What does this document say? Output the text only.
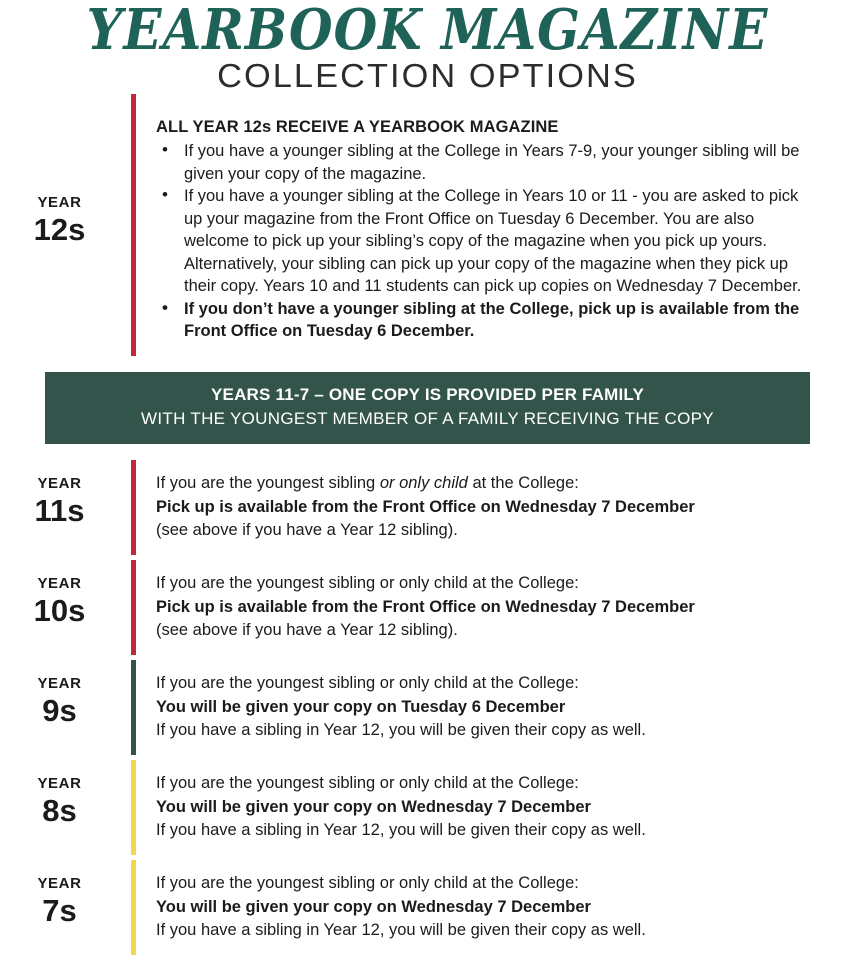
YEARBOOK MAGAZINE
COLLECTION OPTIONS
YEAR
12s
ALL YEAR 12s RECEIVE A YEARBOOK MAGAZINE
• If you have a younger sibling at the College in Years 7-9, your younger sibling will be given your copy of the magazine.
• If you have a younger sibling at the College in Years 10 or 11 - you are asked to pick up your magazine from the Front Office on Tuesday 6 December. You are also welcome to pick up your sibling’s copy of the magazine when you pick up yours. Alternatively, your sibling can pick up your copy of the magazine when they pick up their copy. Years 10 and 11 students can pick up copies on Wednesday 7 December.
• If you don’t have a younger sibling at the College, pick up is available from the Front Office on Tuesday 6 December.
YEARS 11-7 – ONE COPY IS PROVIDED PER FAMILY
WITH THE YOUNGEST MEMBER OF A FAMILY RECEIVING THE COPY
YEAR
11s
If you are the youngest sibling or only child at the College:
Pick up is available from the Front Office on Wednesday 7 December
(see above if you have a Year 12 sibling).
YEAR
10s
If you are the youngest sibling or only child at the College:
Pick up is available from the Front Office on Wednesday 7 December
(see above if you have a Year 12 sibling).
YEAR
9s
If you are the youngest sibling or only child at the College:
You will be given your copy on Tuesday 6 December
If you have a sibling in Year 12, you will be given their copy as well.
YEAR
8s
If you are the youngest sibling or only child at the College:
You will be given your copy on Wednesday 7 December
If you have a sibling in Year 12, you will be given their copy as well.
YEAR
7s
If you are the youngest sibling or only child at the College:
You will be given your copy on Wednesday 7 December
If you have a sibling in Year 12, you will be given their copy as well.
